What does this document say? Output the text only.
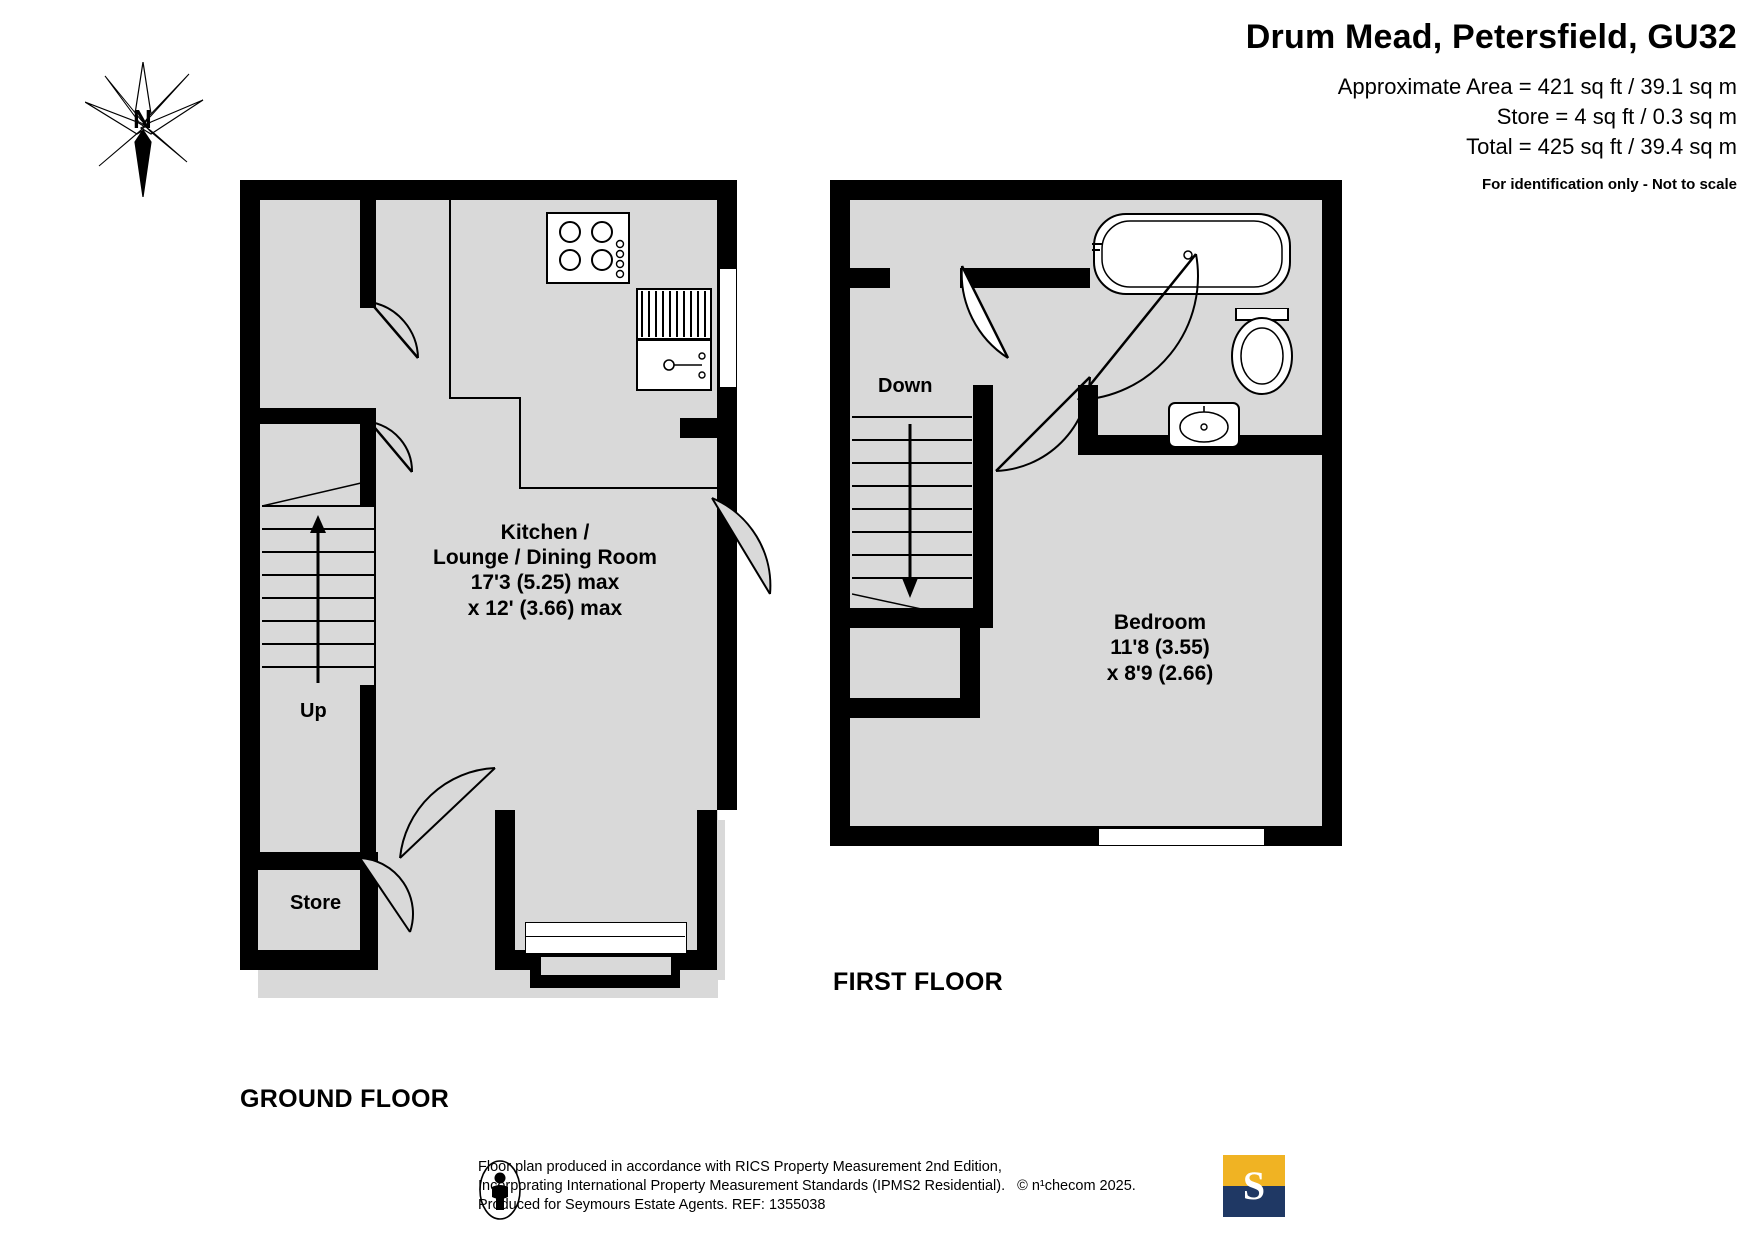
Drum Mead, Petersfield, GU32
Approximate Area = 421 sq ft / 39.1 sq m
Store = 4 sq ft / 0.3 sq m
Total = 425 sq ft / 39.4 sq m
For identification only - Not to scale
N
Store
Up
Kitchen /
Lounge / Dining Room
17'3 (5.25) max
x 12' (3.66) max
GROUND FLOOR
Down
Bedroom
11'8 (3.55)
x 8'9 (2.66)
FIRST FLOOR
Floor plan produced in accordance with RICS Property Measurement 2nd Edition,
Incorporating International Property Measurement Standards (IPMS2 Residential). © n¹checom 2025.
Produced for Seymours Estate Agents. REF: 1355038	S
